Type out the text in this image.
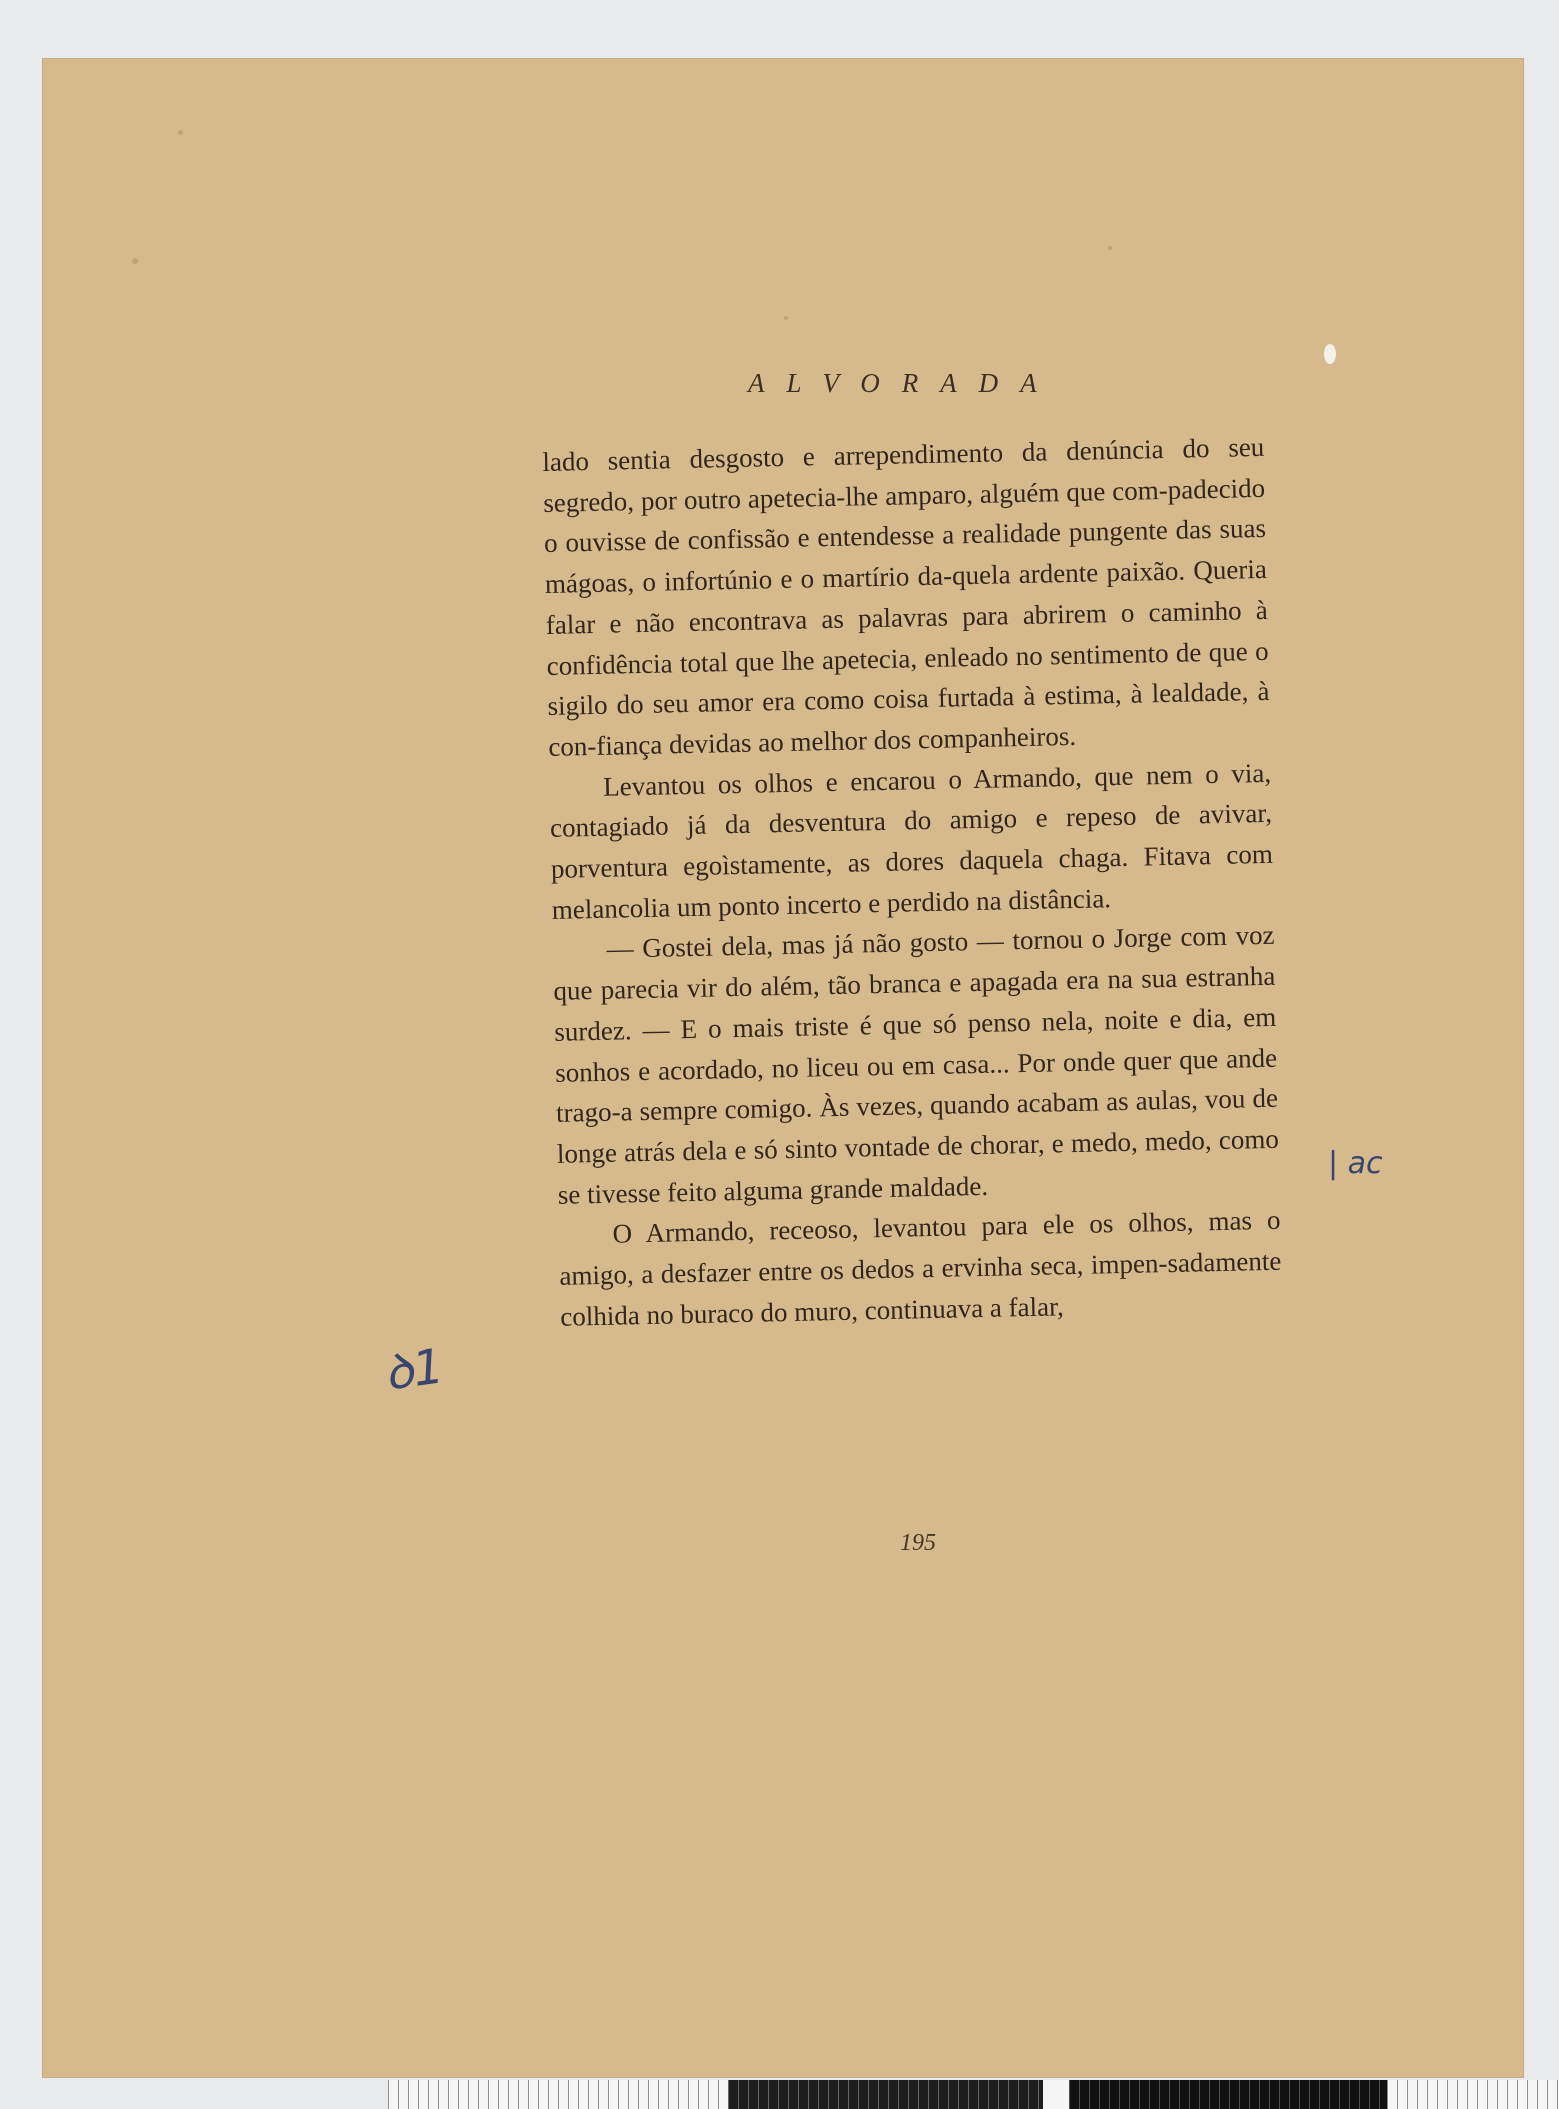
ALVORADA

lado sentia desgosto e arrependimento da denúncia do seu segredo, por outro apetecia-lhe amparo, alguém que com-padecido o ouvisse de confissão e entendesse a realidade pungente das suas mágoas, o infortúnio e o martírio da-quela ardente paixão. Queria falar e não encontrava as palavras para abrirem o caminho à confidência total que lhe apetecia, enleado no sentimento de que o sigilo do seu amor era como coisa furtada à estima, à lealdade, à con-fiança devidas ao melhor dos companheiros.

Levantou os olhos e encarou o Armando, que nem o via, contagiado já da desventura do amigo e repeso de avivar, porventura egoìstamente, as dores daquela chaga. Fitava com melancolia um ponto incerto e perdido na distância.

— Gostei dela, mas já não gosto — tornou o Jorge com voz que parecia vir do além, tão branca e apagada era na sua estranha surdez. — E o mais triste é que só penso nela, noite e dia, em sonhos e acordado, no liceu ou em casa... Por onde quer que ande trago-a sempre comigo. Às vezes, quando acabam as aulas, vou de longe atrás dela e só sinto vontade de chorar, e medo, medo, como se tivesse feito alguma grande maldade.

O Armando, receoso, levantou para ele os olhos, mas o amigo, a desfazer entre os dedos a ervinha seca, impen-sadamente colhida no buraco do muro, continuava a falar,

195
ꝺ1
| ac
